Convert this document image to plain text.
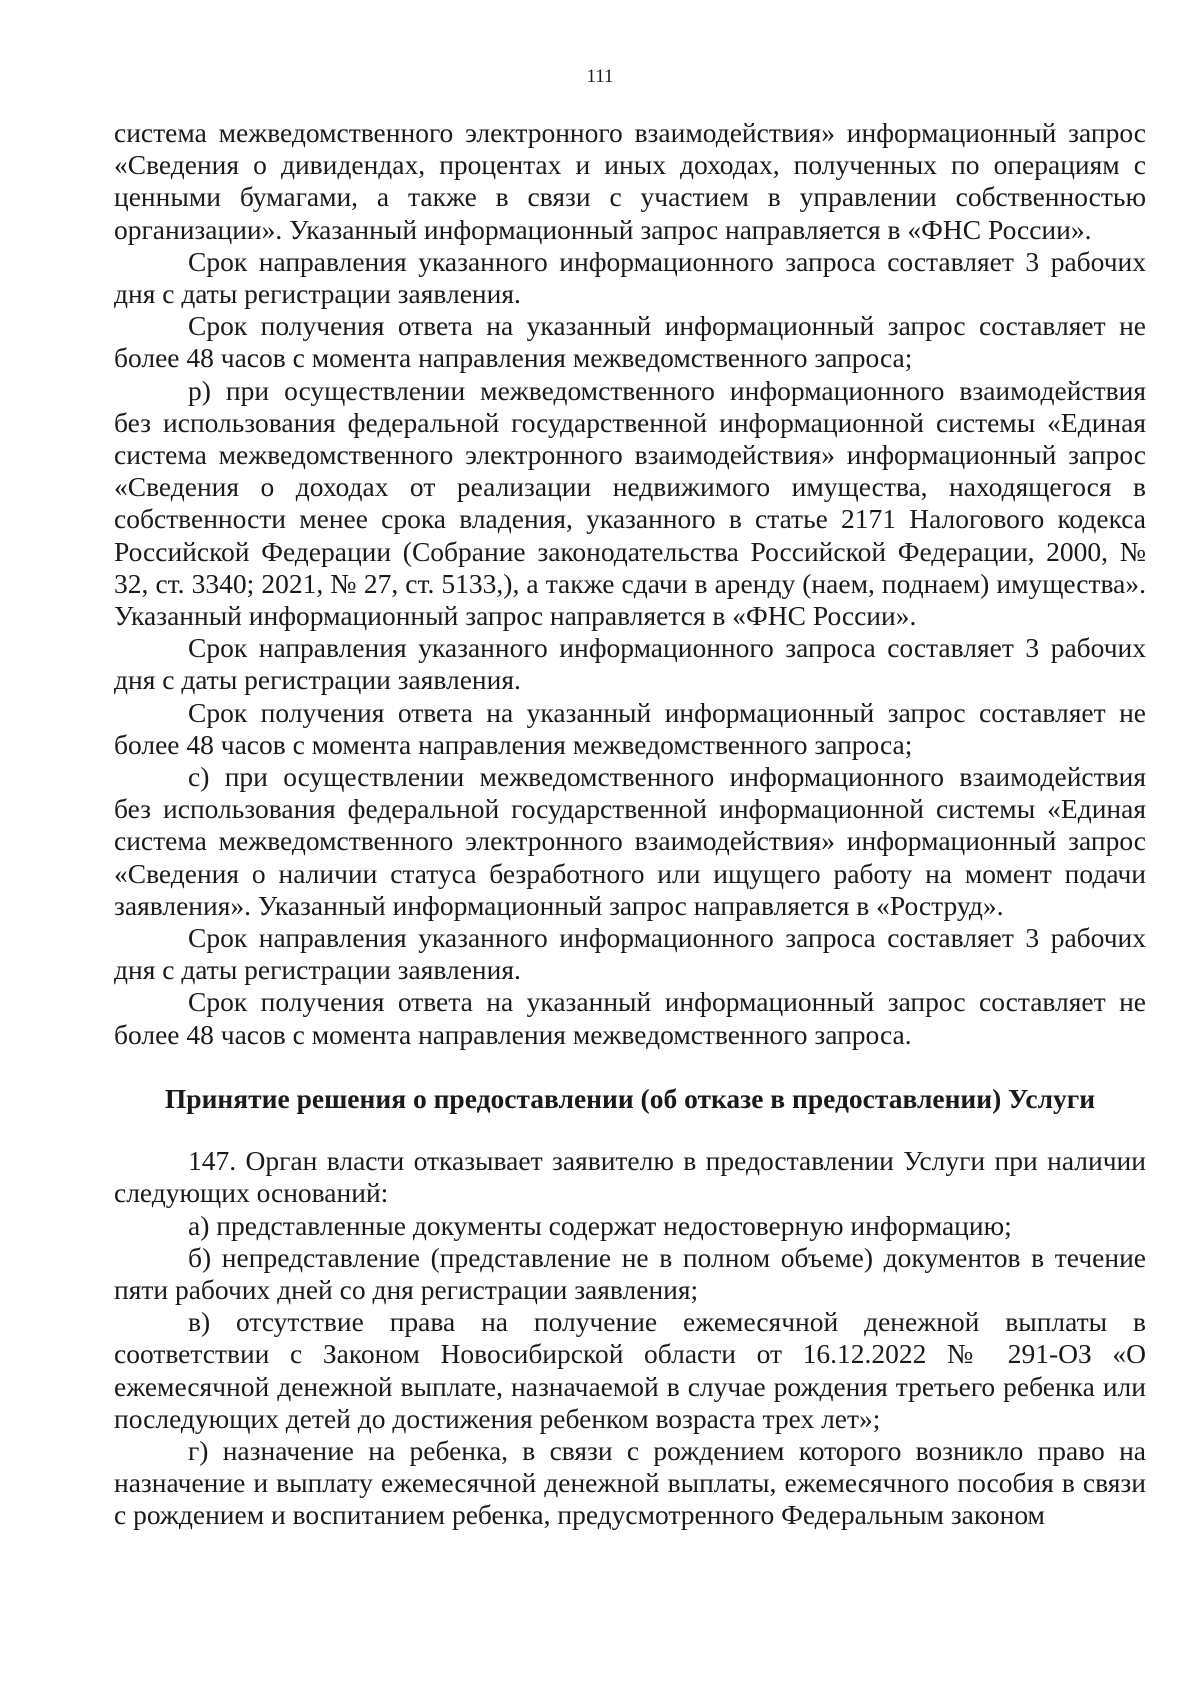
111

система межведомственного электронного взаимодействия» информационный запрос «Сведения о дивидендах, процентах и иных доходах, полученных по операциям с ценными бумагами, а также в связи с участием в управлении собственностью организации». Указанный информационный запрос направляется в «ФНС России».

Срок направления указанного информационного запроса составляет 3 рабочих дня с даты регистрации заявления.

Срок получения ответа на указанный информационный запрос составляет не более 48 часов с момента направления межведомственного запроса;

р) при осуществлении межведомственного информационного взаимодействия без использования федеральной государственной информационной системы «Единая система межведомственного электронного взаимодействия» информационный запрос «Сведения о доходах от реализации недвижимого имущества, находящегося в собственности менее срока владения, указанного в статье 2171 Налогового кодекса Российской Федерации (Собрание законодательства Российской Федерации, 2000, № 32, ст. 3340; 2021, № 27, ст. 5133,), а также сдачи в аренду (наем, поднаем) имущества». Указанный информационный запрос направляется в «ФНС России».

Срок направления указанного информационного запроса составляет 3 рабочих дня с даты регистрации заявления.

Срок получения ответа на указанный информационный запрос составляет не более 48 часов с момента направления межведомственного запроса;

с) при осуществлении межведомственного информационного взаимодействия без использования федеральной государственной информационной системы «Единая система межведомственного электронного взаимодействия» информационный запрос «Сведения о наличии статуса безработного или ищущего работу на момент подачи заявления». Указанный информационный запрос направляется в «Роструд».

Срок направления указанного информационного запроса составляет 3 рабочих дня с даты регистрации заявления.

Срок получения ответа на указанный информационный запрос составляет не более 48 часов с момента направления межведомственного запроса.

Принятие решения о предоставлении (об отказе в предоставлении) Услуги

147. Орган власти отказывает заявителю в предоставлении Услуги при наличии следующих оснований:

а) представленные документы содержат недостоверную информацию;

б) непредставление (представление не в полном объеме) документов в течение пяти рабочих дней со дня регистрации заявления;

в) отсутствие права на получение ежемесячной денежной выплаты в соответствии с Законом Новосибирской области от 16.12.2022 № 291-ОЗ «О ежемесячной денежной выплате, назначаемой в случае рождения третьего ребенка или последующих детей до достижения ребенком возраста трех лет»;

г) назначение на ребенка, в связи с рождением которого возникло право на назначение и выплату ежемесячной денежной выплаты, ежемесячного пособия в связи с рождением и воспитанием ребенка, предусмотренного Федеральным законом
